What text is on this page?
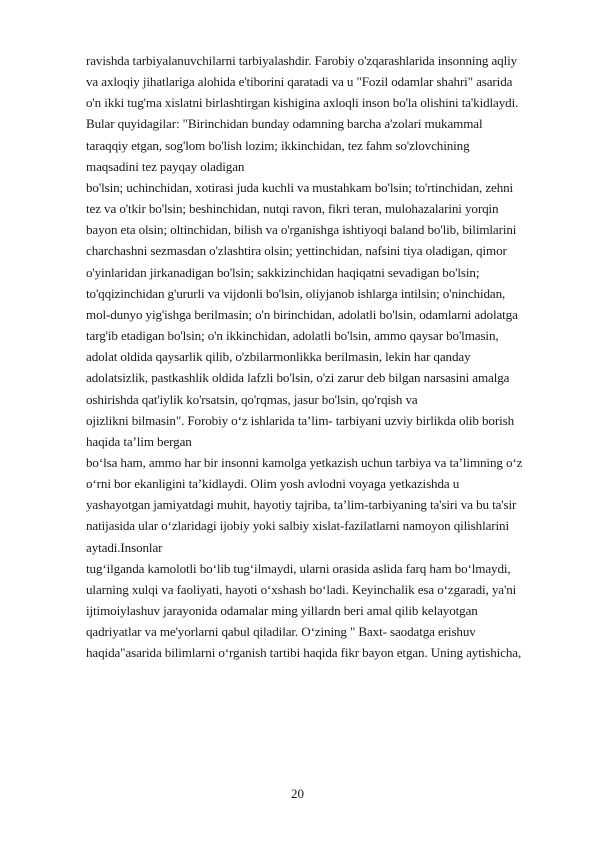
ravishda tarbiyalanuvchilarni tarbiyalashdir. Farobiy o'zqarashlarida insonning aqliy
va axloqiy jihatlariga alohida e'tiborini qaratadi va u "Fozil odamlar shahri" asarida
o'n ikki tug'ma xislatni birlashtirgan kishigina axloqli inson bo'la olishini ta'kidlaydi.
Bular quyidagilar: "Birinchidan bunday odamning barcha a'zolari mukammal
taraqqiy etgan, sog'lom bo'lish lozim; ikkinchidan, tez fahm so'zlovchining
maqsadini tez payqay oladigan
bo'lsin; uchinchidan, xotirasi juda kuchli va mustahkam bo'lsin; to'rtinchidan, zehni
tez va o'tkir bo'lsin; beshinchidan, nutqi ravon, fikri teran, mulohazalarini yorqin
bayon eta olsin; oltinchidan, bilish va o'rganishga ishtiyoqi baland bo'lib, bilimlarini
charchashni sezmasdan o'zlashtira olsin; yettinchidan, nafsini tiya oladigan, qimor
o'yinlaridan jirkanadigan bo'lsin; sakkizinchidan haqiqatni sevadigan bo'lsin;
to'qqizinchidan g'ururli va vijdonli bo'lsin, oliyjanob ishlarga intilsin; o'ninchidan,
mol-dunyo yig'ishga berilmasin; o'n birinchidan, adolatli bo'lsin, odamlarni adolatga
targ'ib etadigan bo'lsin; o'n ikkinchidan, adolatli bo'lsin, ammo qaysar bo'lmasin,
adolat oldida qaysarlik qilib, o'zbilarmonlikka berilmasin, lekin har qanday
adolatsizlik, pastkashlik oldida lafzli bo'lsin, o'zi zarur deb bilgan narsasini amalga
oshirishda qat'iylik ko'rsatsin, qo'rqmas, jasur bo'lsin, qo'rqish va
ojizlikni bilmasin". Forobiy o‘z ishlarida ta’lim- tarbiyani uzviy birlikda olib borish
haqida ta’lim bergan
bo‘lsa ham, ammo har bir insonni kamolga yetkazish uchun tarbiya va ta’limning o‘z
o‘rni bor ekanligini ta’kidlaydi. Olim yosh avlodni voyaga yetkazishda u
yashayotgan jamiyatdagi muhit, hayotiy tajriba, ta’lim-tarbiyaning ta'siri va bu ta'sir
natijasida ular o‘zlaridagi ijobiy yoki salbiy xislat-fazilatlarni namoyon qilishlarini
aytadi.Insonlar
tug‘ilganda kamolotli bo‘lib tug‘ilmaydi, ularni orasida aslida farq ham bo‘lmaydi,
ularning xulqi va faoliyati, hayoti o‘xshash bo‘ladi. Keyinchalik esa o‘zgaradi, ya'ni
ijtimoiylashuv jarayonida odamalar ming yillardn beri amal qilib kelayotgan
qadriyatlar va me'yorlarni qabul qiladilar. O‘zining " Baxt- saodatga erishuv
haqida"asarida bilimlarni o‘rganish tartibi haqida fikr bayon etgan. Uning aytishicha,
20
